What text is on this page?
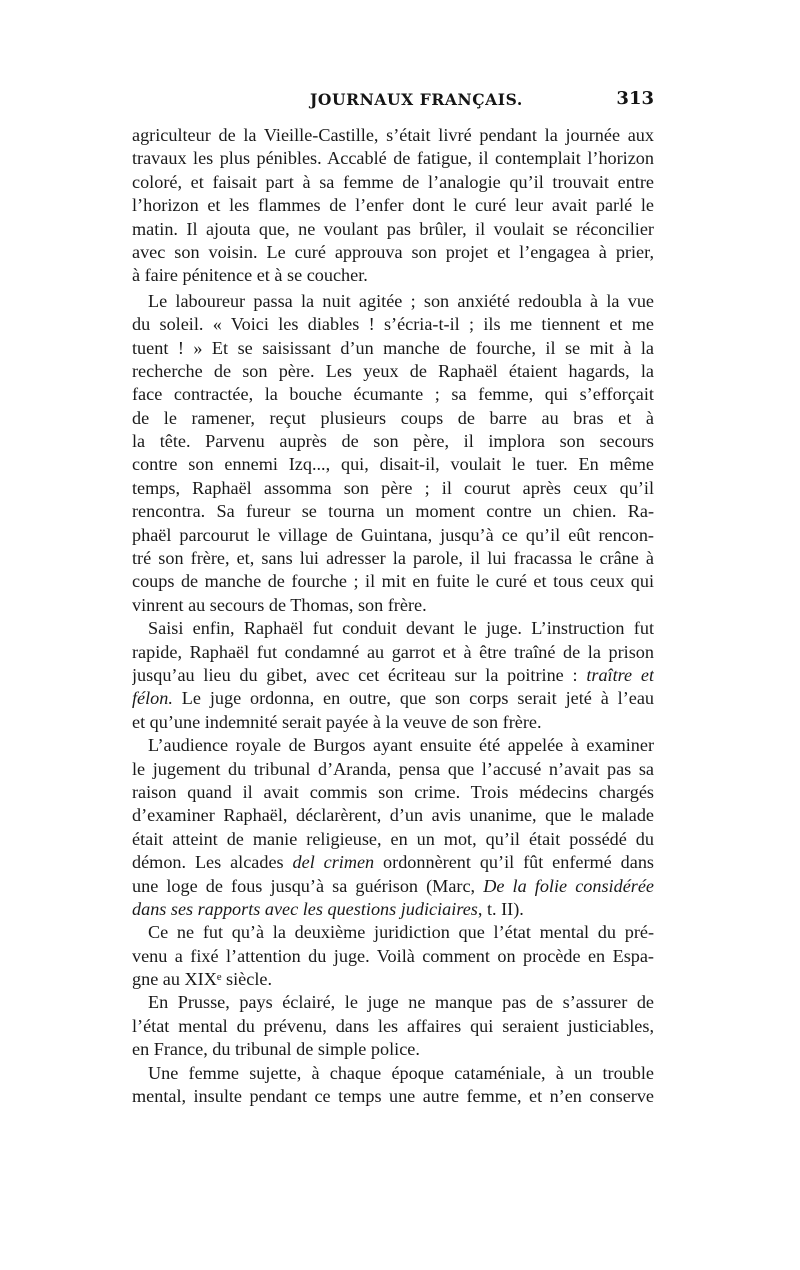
JOURNAUX FRANÇAIS.	313
agriculteur de la Vieille-Castille, s’était livré pendant la journée aux
travaux les plus pénibles. Accablé de fatigue, il contemplait l’horizon
coloré, et faisait part à sa femme de l’analogie qu’il trouvait entre
l’horizon et les flammes de l’enfer dont le curé leur avait parlé le
matin. Il ajouta que, ne voulant pas brûler, il voulait se réconcilier
avec son voisin. Le curé approuva son projet et l’engagea à prier,
à faire pénitence et à se coucher.
Le laboureur passa la nuit agitée ; son anxiété redoubla à la vue
du soleil. « Voici les diables ! s’écria-t-il ; ils me tiennent et me
tuent ! » Et se saisissant d’un manche de fourche, il se mit à la
recherche de son père. Les yeux de Raphaël étaient hagards, la
face contractée, la bouche écumante ; sa femme, qui s’efforçait
de le ramener, reçut plusieurs coups de barre au bras et à
la tête. Parvenu auprès de son père, il implora son secours
contre son ennemi Izq..., qui, disait-il, voulait le tuer. En même
temps, Raphaël assomma son père ; il courut après ceux qu’il
rencontra. Sa fureur se tourna un moment contre un chien. Ra-
phaël parcourut le village de Guintana, jusqu’à ce qu’il eût rencon-
tré son frère, et, sans lui adresser la parole, il lui fracassa le crâne à
coups de manche de fourche ; il mit en fuite le curé et tous ceux qui
vinrent au secours de Thomas, son frère.
Saisi enfin, Raphaël fut conduit devant le juge. L’instruction fut
rapide, Raphaël fut condamné au garrot et à être traîné de la prison
jusqu’au lieu du gibet, avec cet écriteau sur la poitrine : traître et
félon. Le juge ordonna, en outre, que son corps serait jeté à l’eau
et qu’une indemnité serait payée à la veuve de son frère.
L’audience royale de Burgos ayant ensuite été appelée à examiner
le jugement du tribunal d’Aranda, pensa que l’accusé n’avait pas sa
raison quand il avait commis son crime. Trois médecins chargés
d’examiner Raphaël, déclarèrent, d’un avis unanime, que le malade
était atteint de manie religieuse, en un mot, qu’il était possédé du
démon. Les alcades del crimen ordonnèrent qu’il fût enfermé dans
une loge de fous jusqu’à sa guérison (Marc, De la folie considérée
dans ses rapports avec les questions judiciaires, t. II).
Ce ne fut qu’à la deuxième juridiction que l’état mental du pré-
venu a fixé l’attention du juge. Voilà comment on procède en Espa-
gne au XIXᵉ siècle.
En Prusse, pays éclairé, le juge ne manque pas de s’assurer de
l’état mental du prévenu, dans les affaires qui seraient justiciables,
en France, du tribunal de simple police.
Une femme sujette, à chaque époque cataméniale, à un trouble
mental, insulte pendant ce temps une autre femme, et n’en conserve
